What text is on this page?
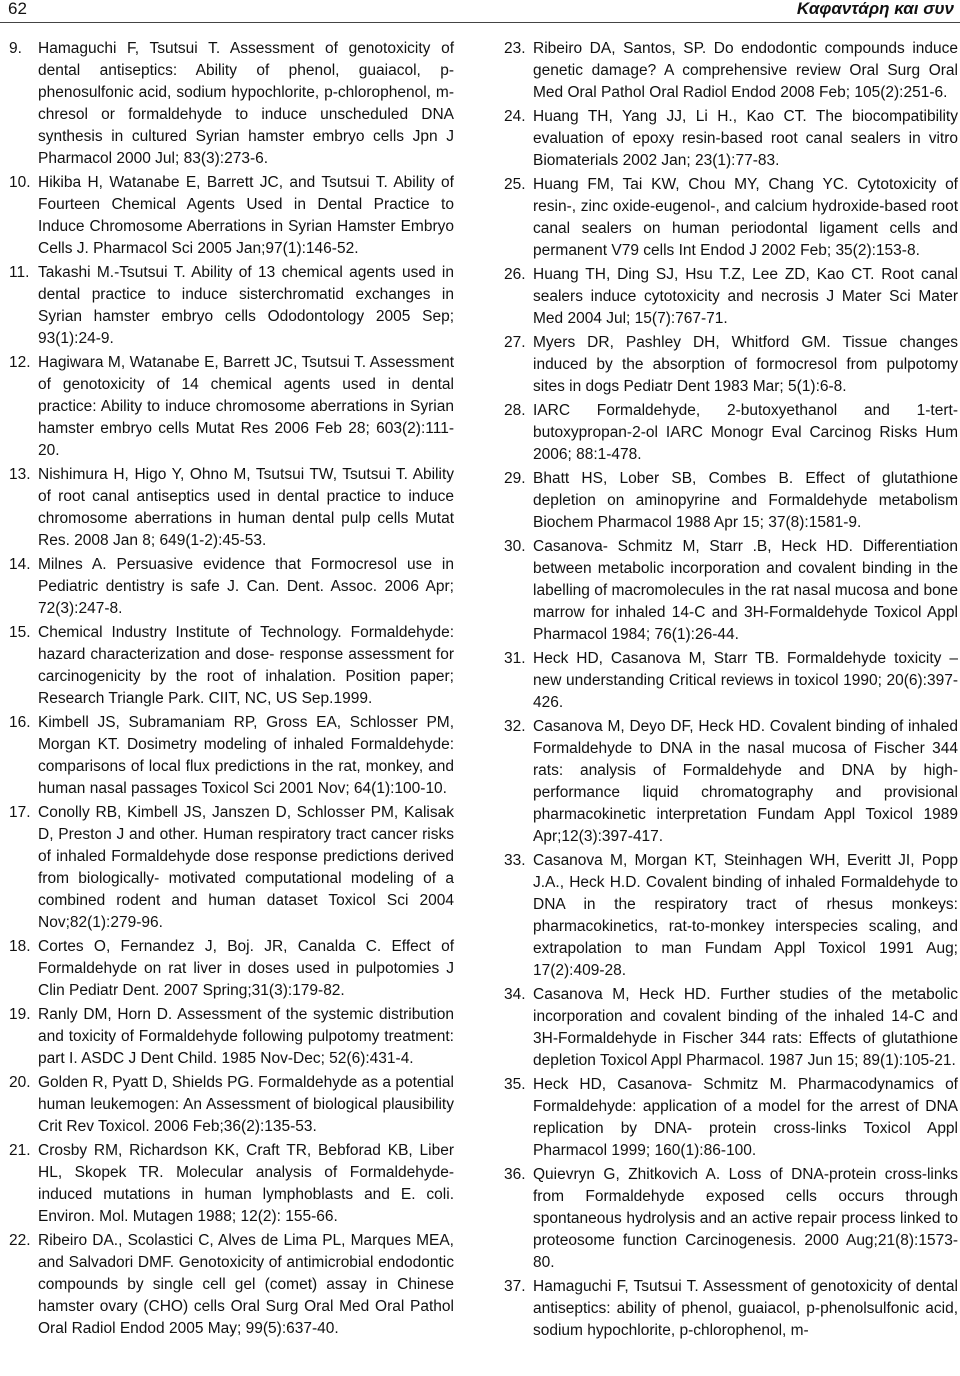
62	Καφαντάρη και συν
9. Hamaguchi F, Tsutsui T. Assessment of genotoxicity of dental antiseptics: Ability of phenol, guaiacol, p-phenosulfonic acid, sodium hypochlorite, p-chlorophenol, m-chresol or formaldehyde to induce unscheduled DNA synthesis in cultured Syrian hamster embryo cells Jpn J Pharmacol 2000 Jul; 83(3):273-6.
10. Hikiba H, Watanabe E, Barrett JC, and Tsutsui T. Ability of Fourteen Chemical Agents Used in Dental Practice to Induce Chromosome Aberrations in Syrian Hamster Embryo Cells J. Pharmacol Sci 2005 Jan;97(1):146-52.
11. Takashi M.-Tsutsui T. Ability of 13 chemical agents used in dental practice to induce sisterchromatid exchanges in Syrian hamster embryo cells Ododontology 2005 Sep; 93(1):24-9.
12. Hagiwara M, Watanabe E, Barrett JC, Tsutsui T. Assessment of genotoxicity of 14 chemical agents used in dental practice: Ability to induce chromosome aberrations in Syrian hamster embryo cells Mutat Res 2006 Feb 28; 603(2):111-20.
13. Nishimura H, Higo Y, Ohno M, Tsutsui TW, Tsutsui T. Ability of root canal antiseptics used in dental practice to induce chromosome aberrations in human dental pulp cells Mutat Res. 2008 Jan 8; 649(1-2):45-53.
14. Milnes A. Persuasive evidence that Formocresol use in Pediatric dentistry is safe J. Can. Dent. Assoc. 2006 Apr; 72(3):247-8.
15. Chemical Industry Institute of Technology. Formaldehyde: hazard characterization and dose- response assessment for carcinogenicity by the root of inhalation. Position paper; Research Triangle Park. CIIT, NC, US Sep.1999.
16. Kimbell JS, Subramaniam RP, Gross EA, Schlosser PM, Morgan KT. Dosimetry modeling of inhaled Formaldehyde: comparisons of local flux predictions in the rat, monkey, and human nasal passages Toxicol Sci 2001 Nov; 64(1):100-10.
17. Conolly RB, Kimbell JS, Janszen D, Schlosser PM, Kalisak D, Preston J and other. Human respiratory tract cancer risks of inhaled Formaldehyde dose response predictions derived from biologically- motivated computational modeling of a combined rodent and human dataset Toxicol Sci 2004 Nov;82(1):279-96.
18. Cortes O, Fernandez J, Boj. JR, Canalda C. Effect of Formaldehyde on rat liver in doses used in pulpotomies J Clin Pediatr Dent. 2007 Spring;31(3):179-82.
19. Ranly DM, Horn D. Assessment of the systemic distribution and toxicity of Formaldehyde following pulpotomy treatment: part I. ASDC J Dent Child. 1985 Nov-Dec; 52(6):431-4.
20. Golden R, Pyatt D, Shields PG. Formaldehyde as a potential human leukemogen: An Assessment of biological plausibility Crit Rev Toxicol. 2006 Feb;36(2):135-53.
21. Crosby RM, Richardson KK, Craft TR, Bebforad KB, Liber HL, Skopek TR. Molecular analysis of Formaldehyde-induced mutations in human lymphoblasts and E. coli. Environ. Mol. Mutagen 1988; 12(2): 155-66.
22. Ribeiro DA., Scolastici C, Alves de Lima PL, Marques MEA, and Salvadori DMF. Genotoxicity of antimicrobial endodontic compounds by single cell gel (comet) assay in Chinese hamster ovary (CHO) cells Oral Surg Oral Med Oral Pathol Oral Radiol Endod 2005 May; 99(5):637-40.
23. Ribeiro DA, Santos, SP. Do endodontic compounds induce genetic damage? A comprehensive review Oral Surg Oral Med Oral Pathol Oral Radiol Endod 2008 Feb; 105(2):251-6.
24. Huang TH, Yang JJ, Li H., Kao CT. The biocompatibility evaluation of epoxy resin-based root canal sealers in vitro Biomaterials 2002 Jan; 23(1):77-83.
25. Huang FM, Tai KW, Chou MY, Chang YC. Cytotoxicity of resin-, zinc oxide-eugenol-, and calcium hydroxide-based root canal sealers on human periodontal ligament cells and permanent V79 cells Int Endod J 2002 Feb; 35(2):153-8.
26. Huang TH, Ding SJ, Hsu T.Z, Lee ZD, Kao CT. Root canal sealers induce cytotoxicity and necrosis J Mater Sci Mater Med 2004 Jul; 15(7):767-71.
27. Myers DR, Pashley DH, Whitford GM. Tissue changes induced by the absorption of formocresol from pulpotomy sites in dogs Pediatr Dent 1983 Mar; 5(1):6-8.
28. IARC Formaldehyde, 2-butoxyethanol and 1-tert-butoxypropan-2-ol IARC Monogr Eval Carcinog Risks Hum 2006; 88:1-478.
29. Bhatt HS, Lober SB, Combes B. Effect of glutathione depletion on aminopyrine and Formaldehyde metabolism Biochem Pharmacol 1988 Apr 15; 37(8):1581-9.
30. Casanova- Schmitz M, Starr .B, Heck HD. Differentiation between metabolic incorporation and covalent binding in the labelling of macromolecules in the rat nasal mucosa and bone marrow for inhaled 14-C and 3H-Formaldehyde Toxicol Appl Pharmacol 1984; 76(1):26-44.
31. Heck HD, Casanova M, Starr TB. Formaldehyde toxicity – new understanding Critical reviews in toxicol 1990; 20(6):397-426.
32. Casanova M, Deyo DF, Heck HD. Covalent binding of inhaled Formaldehyde to DNA in the nasal mucosa of Fischer 344 rats: analysis of Formaldehyde and DNA by high- performance liquid chromatography and provisional pharmacokinetic interpretation Fundam Appl Toxicol 1989 Apr;12(3):397-417.
33. Casanova M, Morgan KT, Steinhagen WH, Everitt JI, Popp J.A., Heck H.D. Covalent binding of inhaled Formaldehyde to DNA in the respiratory tract of rhesus monkeys: pharmacokinetics, rat-to-monkey interspecies scaling, and extrapolation to man Fundam Appl Toxicol 1991 Aug; 17(2):409-28.
34. Casanova M, Heck HD. Further studies of the metabolic incorporation and covalent binding of the inhaled 14-C and 3H-Formaldehyde in Fischer 344 rats: Effects of glutathione depletion Toxicol Appl Pharmacol. 1987 Jun 15; 89(1):105-21.
35. Heck HD, Casanova- Schmitz M. Pharmacodynamics of Formaldehyde: application of a model for the arrest of DNA replication by DNA- protein cross-links Toxicol Appl Pharmacol 1999; 160(1):86-100.
36. Quievryn G, Zhitkovich A. Loss of DNA-protein cross-links from Formaldehyde exposed cells occurs through spontaneous hydrolysis and an active repair process linked to proteosome function Carcinogenesis. 2000 Aug;21(8):1573-80.
37. Hamaguchi F, Tsutsui T. Assessment of genotoxicity of dental antiseptics: ability of phenol, guaiacol, p-phenolsulfonic acid, sodium hypochlorite, p-chlorophenol, m-
